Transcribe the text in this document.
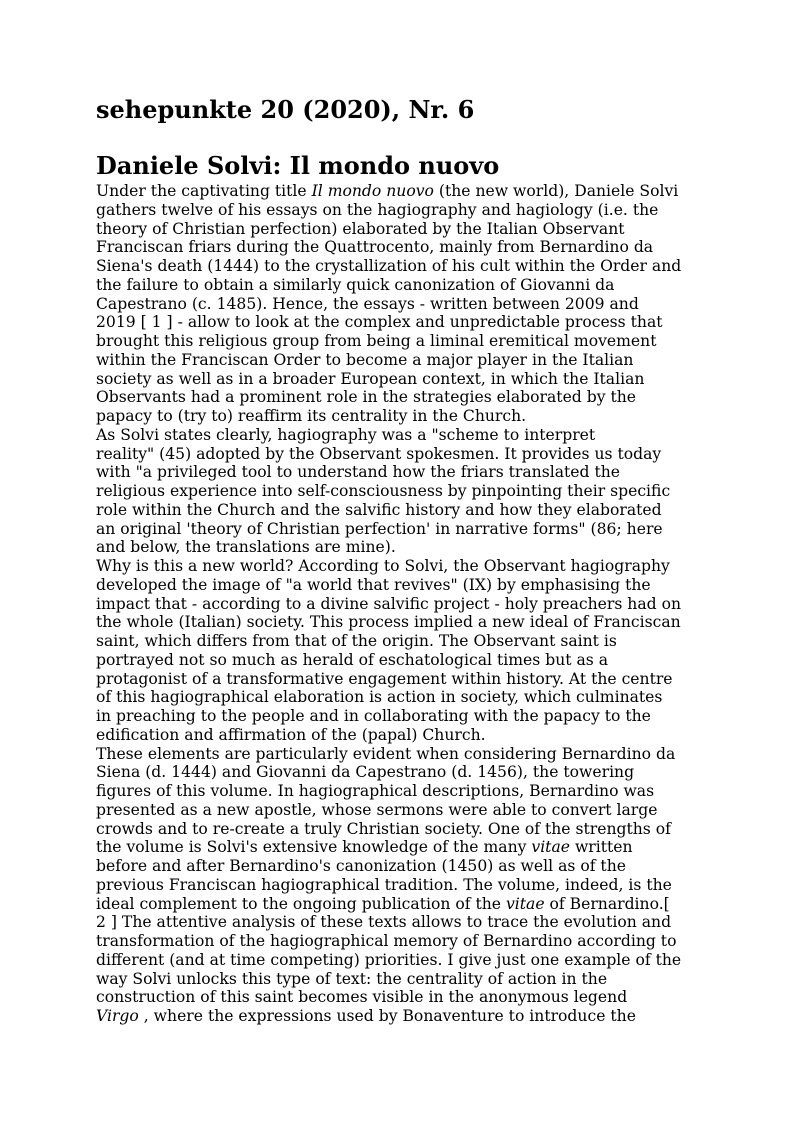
sehepunkte 20 (2020), Nr. 6
Daniele Solvi: Il mondo nuovo

Under the captivating title Il mondo nuovo (the new world), Daniele Solvi
gathers twelve of his essays on the hagiography and hagiology (i.e. the
theory of Christian perfection) elaborated by the Italian Observant
Franciscan friars during the Quattrocento, mainly from Bernardino da
Siena's death (1444) to the crystallization of his cult within the Order and
the failure to obtain a similarly quick canonization of Giovanni da
Capestrano (c. 1485). Hence, the essays - written between 2009 and
2019 [ 1 ] - allow to look at the complex and unpredictable process that
brought this religious group from being a liminal eremitical movement
within the Franciscan Order to become a major player in the Italian
society as well as in a broader European context, in which the Italian
Observants had a prominent role in the strategies elaborated by the
papacy to (try to) reaffirm its centrality in the Church.

As Solvi states clearly, hagiography was a "scheme to interpret
reality" (45) adopted by the Observant spokesmen. It provides us today
with "a privileged tool to understand how the friars translated the
religious experience into self-consciousness by pinpointing their specific
role within the Church and the salvific history and how they elaborated
an original 'theory of Christian perfection' in narrative forms" (86; here
and below, the translations are mine).

Why is this a new world? According to Solvi, the Observant hagiography
developed the image of "a world that revives" (IX) by emphasising the
impact that - according to a divine salvific project - holy preachers had on
the whole (Italian) society. This process implied a new ideal of Franciscan
saint, which differs from that of the origin. The Observant saint is
portrayed not so much as herald of eschatological times but as a
protagonist of a transformative engagement within history. At the centre
of this hagiographical elaboration is action in society, which culminates
in preaching to the people and in collaborating with the papacy to the
edification and affirmation of the (papal) Church.

These elements are particularly evident when considering Bernardino da
Siena (d. 1444) and Giovanni da Capestrano (d. 1456), the towering
figures of this volume. In hagiographical descriptions, Bernardino was
presented as a new apostle, whose sermons were able to convert large
crowds and to re-create a truly Christian society. One of the strengths of
the volume is Solvi's extensive knowledge of the many vitae written
before and after Bernardino's canonization (1450) as well as of the
previous Franciscan hagiographical tradition. The volume, indeed, is the
ideal complement to the ongoing publication of the vitae of Bernardino.[
2 ] The attentive analysis of these texts allows to trace the evolution and
transformation of the hagiographical memory of Bernardino according to
different (and at time competing) priorities. I give just one example of the
way Solvi unlocks this type of text: the centrality of action in the
construction of this saint becomes visible in the anonymous legend
Virgo , where the expressions used by Bonaventure to introduce the
